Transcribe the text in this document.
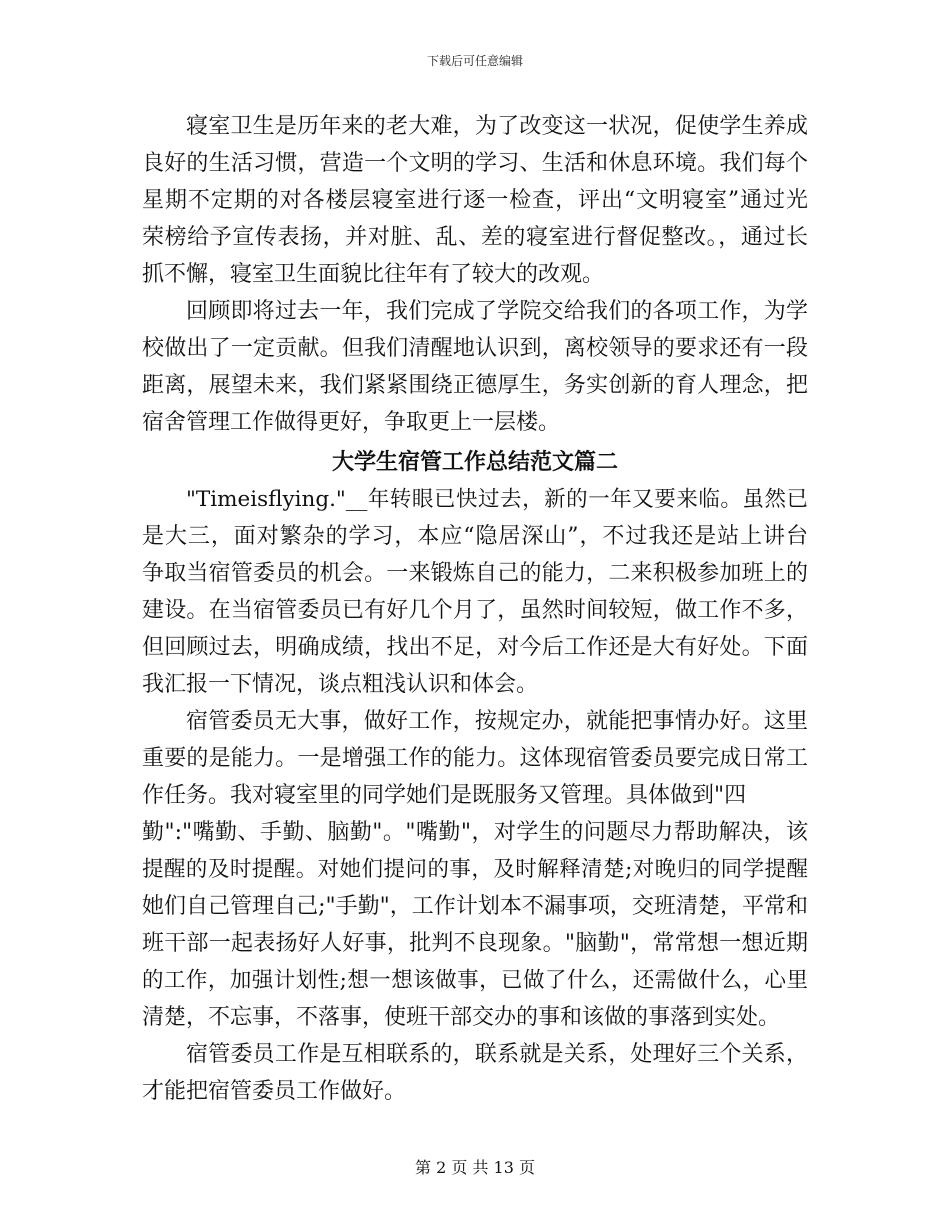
下载后可任意编辑
寝室卫生是历年来的老大难，为了改变这一状况，促使学生养成
良好的生活习惯，营造一个文明的学习、生活和休息环境。我们每个
星期不定期的对各楼层寝室进行逐一检查，评出“文明寝室”通过光
荣榜给予宣传表扬，并对脏、乱、差的寝室进行督促整改。，通过长
抓不懈，寝室卫生面貌比往年有了较大的改观。
回顾即将过去一年，我们完成了学院交给我们的各项工作，为学
校做出了一定贡献。但我们清醒地认识到，离校领导的要求还有一段
距离，展望未来，我们紧紧围绕正德厚生，务实创新的育人理念，把
宿舍管理工作做得更好，争取更上一层楼。
大学生宿管工作总结范文篇二
"Timeisflying."__年转眼已快过去，新的一年又要来临。虽然已
是大三，面对繁杂的学习，本应“隐居深山”，不过我还是站上讲台
争取当宿管委员的机会。一来锻炼自己的能力，二来积极参加班上的
建设。在当宿管委员已有好几个月了，虽然时间较短，做工作不多，
但回顾过去，明确成绩，找出不足，对今后工作还是大有好处。下面
我汇报一下情况，谈点粗浅认识和体会。
宿管委员无大事，做好工作，按规定办，就能把事情办好。这里
重要的是能力。一是增强工作的能力。这体现宿管委员要完成日常工
作任务。我对寝室里的同学她们是既服务又管理。具体做到"四
勤":"嘴勤、手勤、脑勤"。"嘴勤"，对学生的问题尽力帮助解决，该
提醒的及时提醒。对她们提问的事，及时解释清楚;对晚归的同学提醒
她们自己管理自己;"手勤"，工作计划本不漏事项，交班清楚，平常和
班干部一起表扬好人好事，批判不良现象。"脑勤"，常常想一想近期
的工作，加强计划性;想一想该做事，已做了什么，还需做什么，心里
清楚，不忘事，不落事，使班干部交办的事和该做的事落到实处。
宿管委员工作是互相联系的，联系就是关系，处理好三个关系，
才能把宿管委员工作做好。
第 2 页 共 13 页
